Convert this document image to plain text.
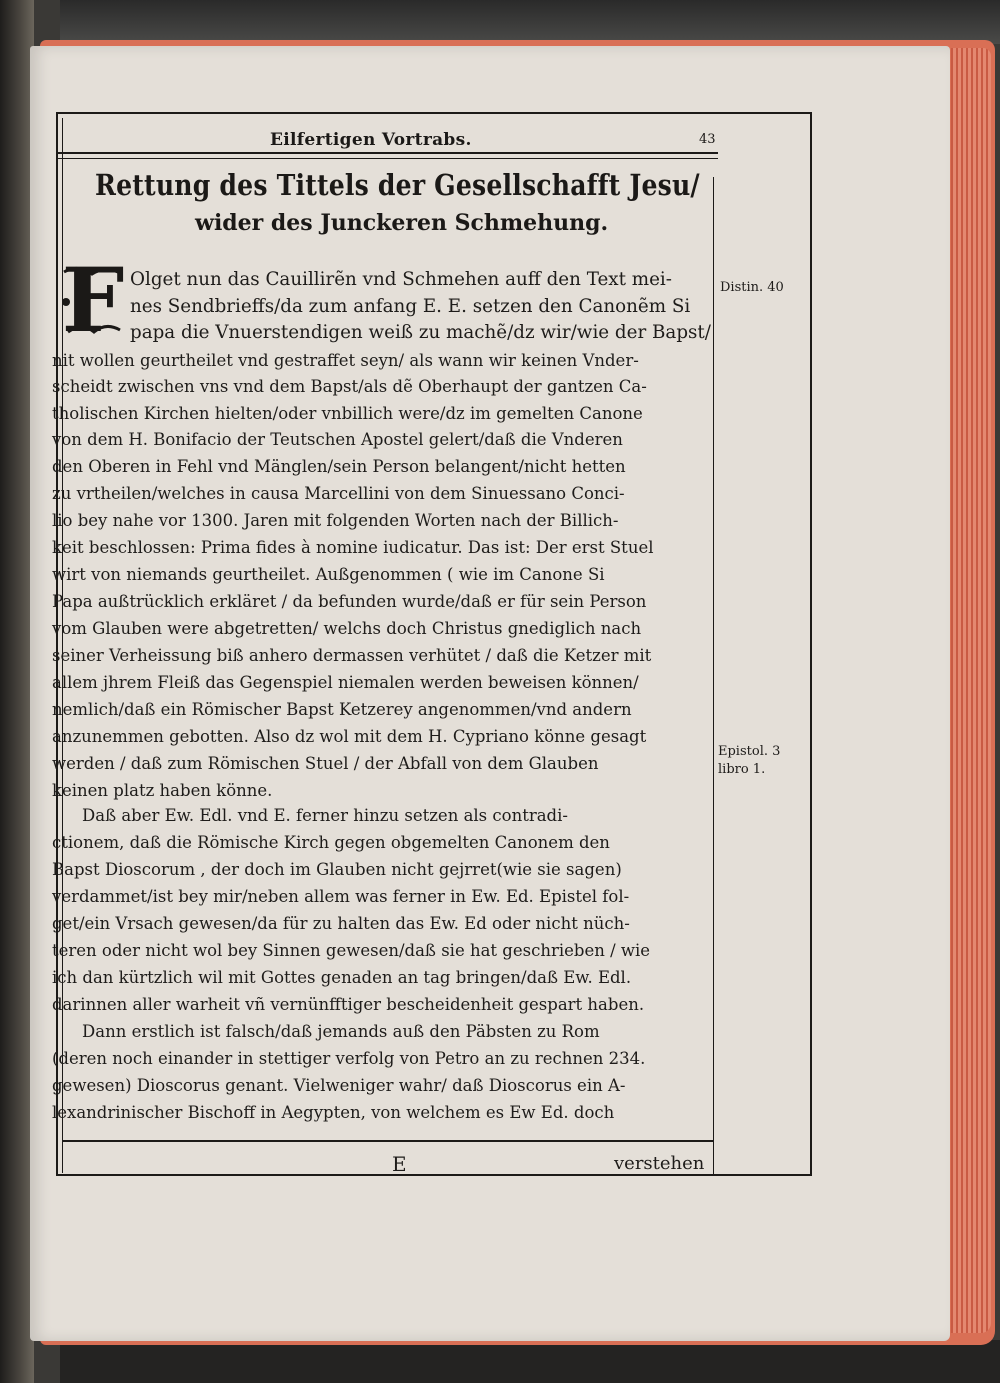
Eilfertigen Vortrabs.	43
Rettung des Tittels der Gesellschafft Jesu/
wider des Junckeren Schmehung.
F Olget nun das Cauillirẽn vnd Schmehen auff den Text mei-
nes Sendbrieffs/da zum anfang E. E. setzen den Canonẽm Si
papa die Vnuerstendigen weiß zu machẽ/dz wir/wie der Bapst/
nit wollen geurtheilet vnd gestraffet seyn/ als wann wir keinen Vnder-
scheidt zwischen vns vnd dem Bapst/als dẽ Oberhaupt der gantzen Ca-
tholischen Kirchen hielten/oder vnbillich were/dz im gemelten Canone
von dem H. Bonifacio der Teutschen Apostel gelert/daß die Vnderen
den Oberen in Fehl vnd Mänglen/sein Person belangent/nicht hetten
zu vrtheilen/welches in causa Marcellini von dem Sinuessano Conci-
lio bey nahe vor 1300. Jaren mit folgenden Worten nach der Billich-
keit beschlossen: Prima fides à nomine iudicatur. Das ist: Der erst Stuel
wirt von niemands geurtheilet. Außgenommen ( wie im Canone Si
Papa außtrücklich erkläret / da befunden wurde/daß er für sein Person
vom Glauben were abgetretten/ welchs doch Christus gnediglich nach
seiner Verheissung biß anhero dermassen verhütet / daß die Ketzer mit
allem jhrem Fleiß das Gegenspiel niemalen werden beweisen können/
nemlich/daß ein Römischer Bapst Ketzerey angenommen/vnd andern
anzunemmen gebotten. Also dz wol mit dem H. Cypriano könne gesagt
werden / daß zum Römischen Stuel / der Abfall von dem Glauben
keinen platz haben könne.
Daß aber Ew. Edl. vnd E. ferner hinzu setzen als contradi-
ctionem, daß die Römische Kirch gegen obgemelten Canonem den
Bapst Dioscorum , der doch im Glauben nicht gejrret(wie sie sagen)
verdammet/ist bey mir/neben allem was ferner in Ew. Ed. Epistel fol-
get/ein Vrsach gewesen/da für zu halten das Ew. Ed oder nicht nüch-
teren oder nicht wol bey Sinnen gewesen/daß sie hat geschrieben / wie
ich dan kürtzlich wil mit Gottes genaden an tag bringen/daß Ew. Edl.
darinnen aller warheit vñ vernünfftiger bescheidenheit gespart haben.
Dann erstlich ist falsch/daß jemands auß den Päbsten zu Rom
(deren noch einander in stettiger verfolg von Petro an zu rechnen 234.
gewesen) Dioscorus genant. Vielweniger wahr/ daß Dioscorus ein A-
lexandrinischer Bischoff in Aegypten, von welchem es Ew Ed. doch
Distin. 40
Epistol. 3
libro 1.
E	verstehen
